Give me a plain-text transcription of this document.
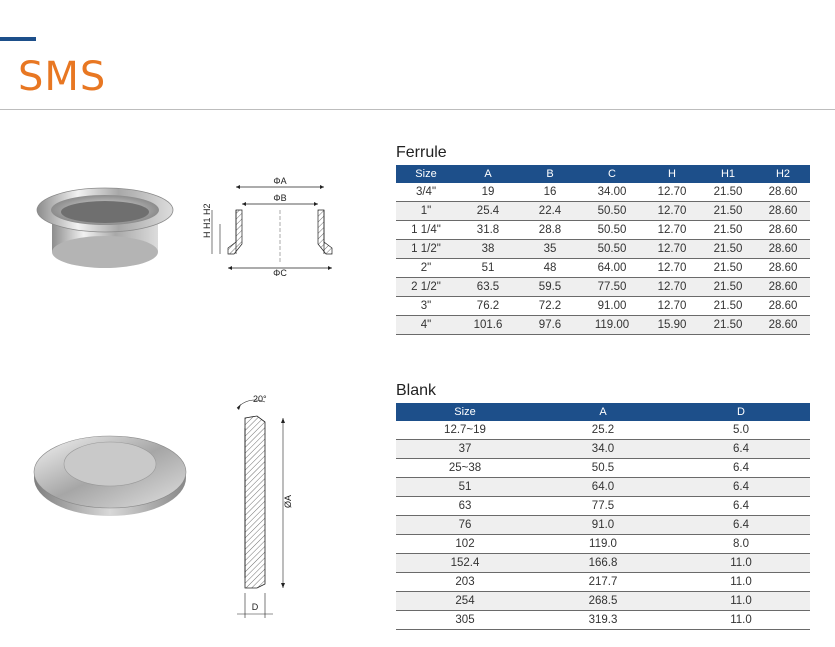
SMS
ΦA
ΦB
ΦC
H H1 H2
Ferrule
Size	A	B	C	H	H1	H2
3/4"	19	16	34.00	12.70	21.50	28.60
1"	25.4	22.4	50.50	12.70	21.50	28.60
1 1/4"	31.8	28.8	50.50	12.70	21.50	28.60
1 1/2"	38	35	50.50	12.70	21.50	28.60
2"	51	48	64.00	12.70	21.50	28.60
2 1/2"	63.5	59.5	77.50	12.70	21.50	28.60
3"	76.2	72.2	91.00	12.70	21.50	28.60
4"	101.6	97.6	119.00	15.90	21.50	28.60
ØA
20°
D
Blank
Size	A	D
12.7~19	25.2	5.0
37	34.0	6.4
25~38	50.5	6.4
51	64.0	6.4
63	77.5	6.4
76	91.0	6.4
102	119.0	8.0
152.4	166.8	11.0
203	217.7	11.0
254	268.5	11.0
305	319.3	11.0
